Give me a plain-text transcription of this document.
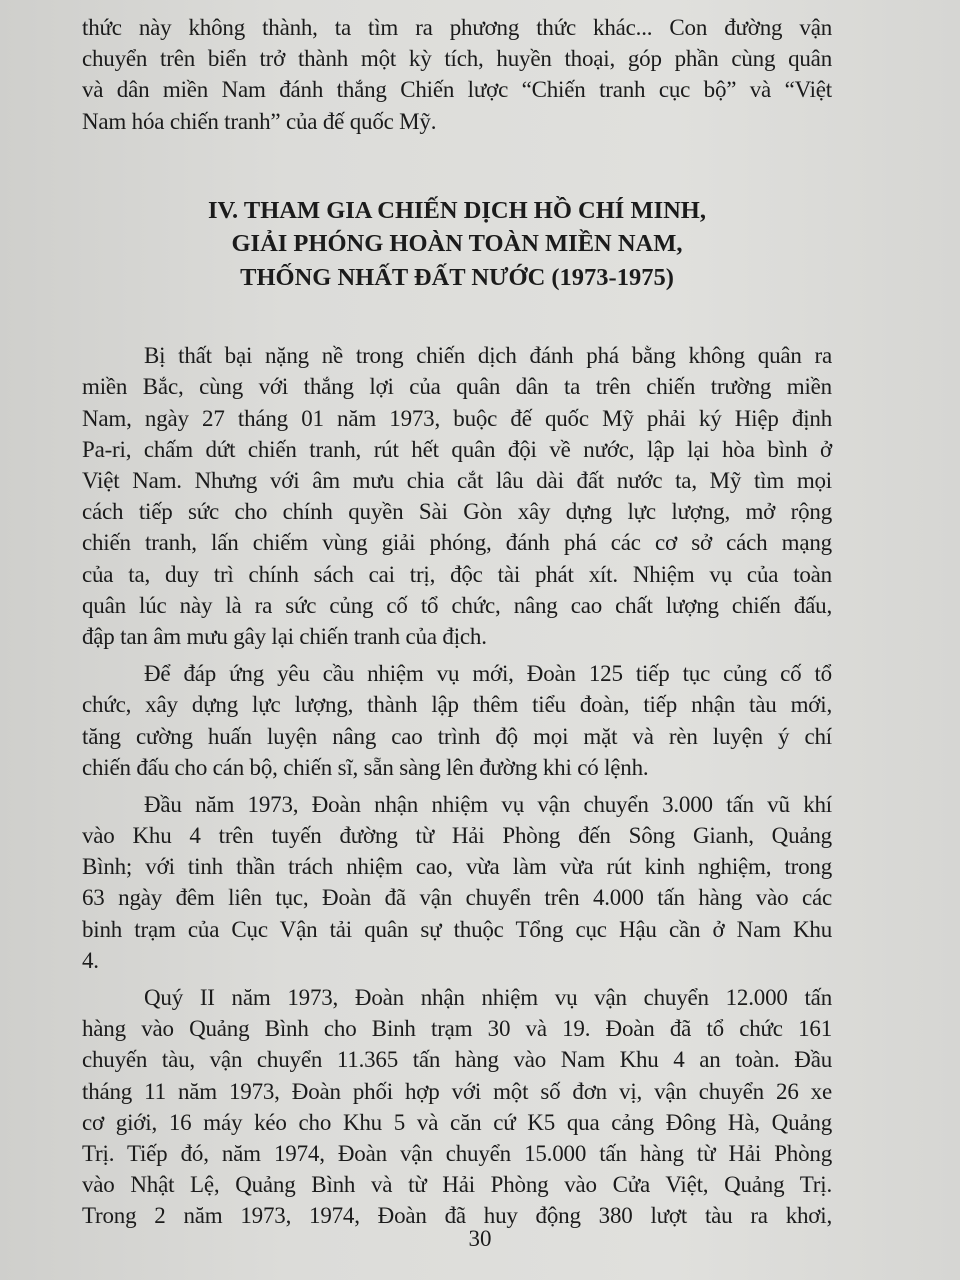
thức này không thành, ta tìm ra phương thức khác... Con đường vận
chuyển trên biển trở thành một kỳ tích, huyền thoại, góp phần cùng quân
và dân miền Nam đánh thắng Chiến lược “Chiến tranh cục bộ” và “Việt
Nam hóa chiến tranh” của đế quốc Mỹ.
IV. THAM GIA CHIẾN DỊCH HỒ CHÍ MINH,
GIẢI PHÓNG HOÀN TOÀN MIỀN NAM,
THỐNG NHẤT ĐẤT NƯỚC (1973-1975)
Bị thất bại nặng nề trong chiến dịch đánh phá bằng không quân ra
miền Bắc, cùng với thắng lợi của quân dân ta trên chiến trường miền
Nam, ngày 27 tháng 01 năm 1973, buộc đế quốc Mỹ phải ký Hiệp định
Pa-ri, chấm dứt chiến tranh, rút hết quân đội về nước, lập lại hòa bình ở
Việt Nam. Nhưng với âm mưu chia cắt lâu dài đất nước ta, Mỹ tìm mọi
cách tiếp sức cho chính quyền Sài Gòn xây dựng lực lượng, mở rộng
chiến tranh, lấn chiếm vùng giải phóng, đánh phá các cơ sở cách mạng
của ta, duy trì chính sách cai trị, độc tài phát xít. Nhiệm vụ của toàn
quân lúc này là ra sức củng cố tổ chức, nâng cao chất lượng chiến đấu,
đập tan âm mưu gây lại chiến tranh của địch.
Để đáp ứng yêu cầu nhiệm vụ mới, Đoàn 125 tiếp tục củng cố tổ
chức, xây dựng lực lượng, thành lập thêm tiểu đoàn, tiếp nhận tàu mới,
tăng cường huấn luyện nâng cao trình độ mọi mặt và rèn luyện ý chí
chiến đấu cho cán bộ, chiến sĩ, sẵn sàng lên đường khi có lệnh.
Đầu năm 1973, Đoàn nhận nhiệm vụ vận chuyển 3.000 tấn vũ khí
vào Khu 4 trên tuyến đường từ Hải Phòng đến Sông Gianh, Quảng
Bình; với tinh thần trách nhiệm cao, vừa làm vừa rút kinh nghiệm, trong
63 ngày đêm liên tục, Đoàn đã vận chuyển trên 4.000 tấn hàng vào các
binh trạm của Cục Vận tải quân sự thuộc Tổng cục Hậu cần ở Nam Khu
4.
Quý II năm 1973, Đoàn nhận nhiệm vụ vận chuyển 12.000 tấn
hàng vào Quảng Bình cho Binh trạm 30 và 19. Đoàn đã tổ chức 161
chuyến tàu, vận chuyển 11.365 tấn hàng vào Nam Khu 4 an toàn. Đầu
tháng 11 năm 1973, Đoàn phối hợp với một số đơn vị, vận chuyển 26 xe
cơ giới, 16 máy kéo cho Khu 5 và căn cứ K5 qua cảng Đông Hà, Quảng
Trị. Tiếp đó, năm 1974, Đoàn vận chuyển 15.000 tấn hàng từ Hải Phòng
vào Nhật Lệ, Quảng Bình và từ Hải Phòng vào Cửa Việt, Quảng Trị.
Trong 2 năm 1973, 1974, Đoàn đã huy động 380 lượt tàu ra khơi,
30
